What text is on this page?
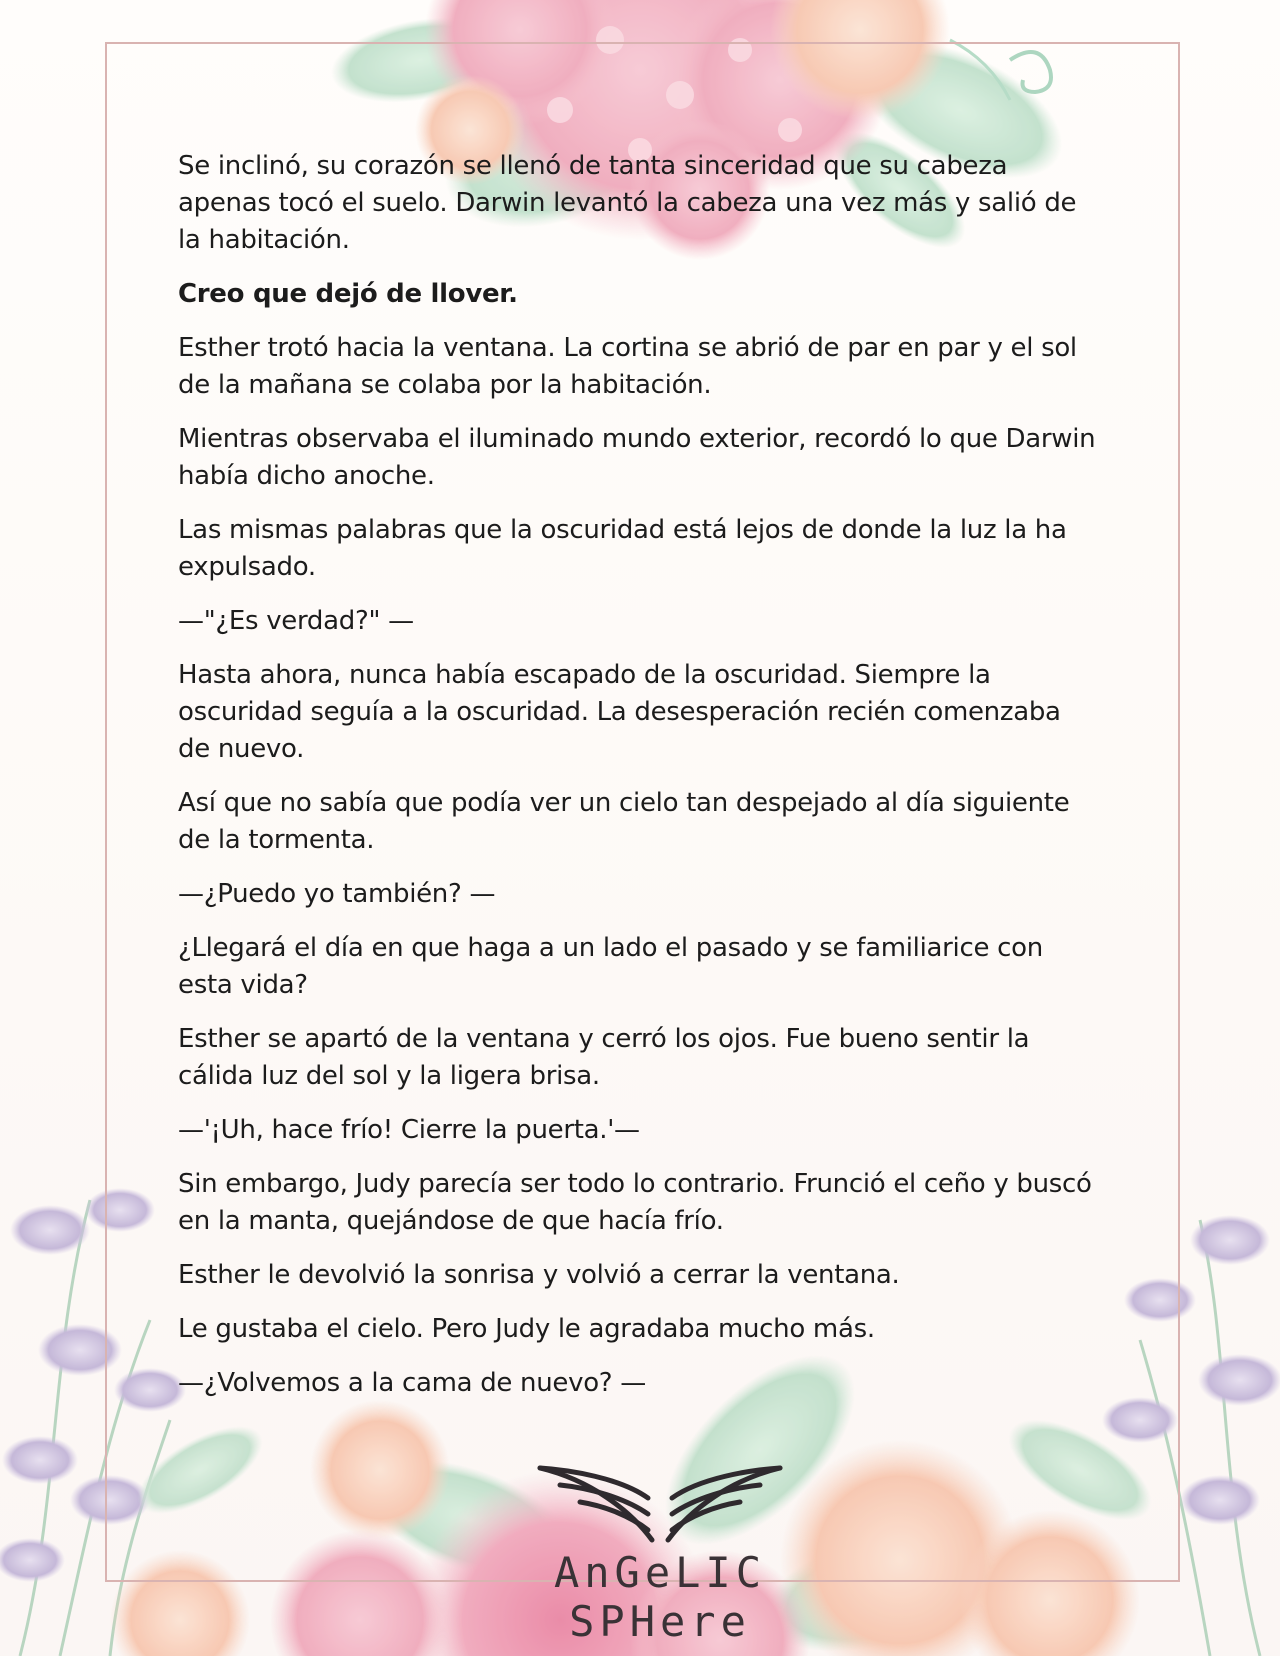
Se inclinó, su corazón se llenó de tanta sinceridad que su cabeza apenas tocó el suelo. Darwin levantó la cabeza una vez más y salió de la habitación.

Creo que dejó de llover.

Esther trotó hacia la ventana. La cortina se abrió de par en par y el sol de la mañana se colaba por la habitación.

Mientras observaba el iluminado mundo exterior, recordó lo que Darwin había dicho anoche.

Las mismas palabras que la oscuridad está lejos de donde la luz la ha expulsado.

—"¿Es verdad?" —

Hasta ahora, nunca había escapado de la oscuridad. Siempre la oscuridad seguía a la oscuridad. La desesperación recién comenzaba de nuevo.

Así que no sabía que podía ver un cielo tan despejado al día siguiente de la tormenta.

—¿Puedo yo también? —

¿Llegará el día en que haga a un lado el pasado y se familiarice con esta vida?

Esther se apartó de la ventana y cerró los ojos. Fue bueno sentir la cálida luz del sol y la ligera brisa.

—'¡Uh, hace frío! Cierre la puerta.'—

Sin embargo, Judy parecía ser todo lo contrario. Frunció el ceño y buscó en la manta, quejándose de que hacía frío.

Esther le devolvió la sonrisa y volvió a cerrar la ventana.

Le gustaba el cielo. Pero Judy le agradaba mucho más.

—¿Volvemos a la cama de nuevo? —

AnGeLIC SPHere
